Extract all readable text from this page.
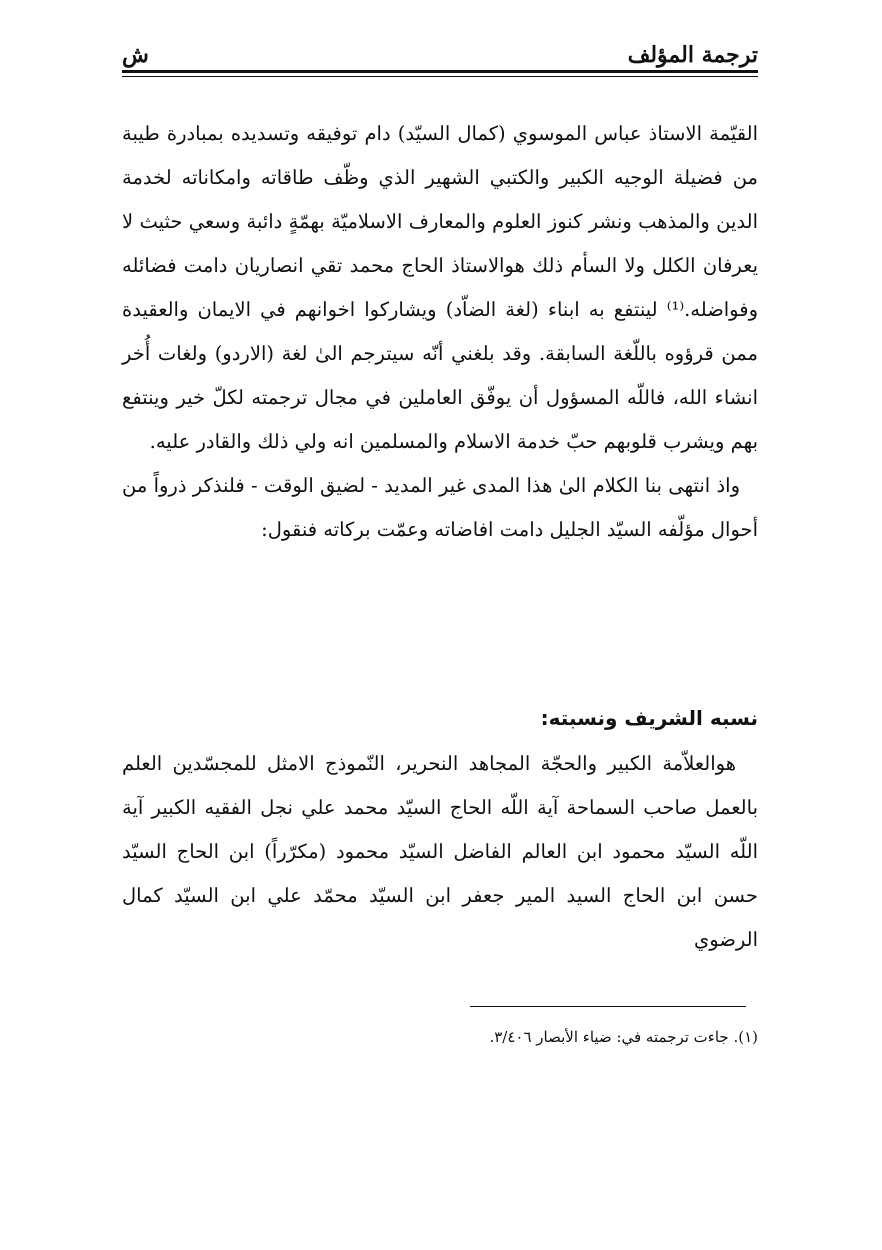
ترجمة المؤلف
ش

القيّمة الاستاذ عباس الموسوي (كمال السيّد) دام توفيقه وتسديده بمبادرة طيبة من فضيلة الوجيه الكبير والكتبي الشهير الذي وظّف طاقاته وامكاناته لخدمة الدين والمذهب ونشر كنوز العلوم والمعارف الاسلاميّة بهمّةٍ دائبة وسعي حثيث لا يعرفان الكلل ولا السأم ذلك هوالاستاذ الحاج محمد تقي انصاريان دامت فضائله وفواضله.⁽¹⁾ لينتفع به ابناء (لغة الضاّد) ويشاركوا اخوانهم في الايمان والعقيدة ممن قرؤوه باللّغة السابقة. وقد بلغني أنّه سيترجم الىٰ لغة (الاردو) ولغات أُخر انشاء الله، فاللّه المسؤول أن يوفّق العاملين في مجال ترجمته لكلّ خير وينتفع بهم ويشرب قلوبهم حبّ خدمة الاسلام والمسلمين انه ولي ذلك والقادر عليه.

واذ انتهى بنا الكلام الىٰ هذا المدى غير المديد - لضيق الوقت - فلنذكر ذرواً من أحوال مؤلّفه السيّد الجليل دامت افاضاته وعمّت بركاته فنقول:

نسبه الشريف ونسبته:
هوالعلاّمة الكبير والحجّة المجاهد النحرير، النّموذج الامثل للمجسّدين العلم بالعمل صاحب السماحة آية اللّه الحاج السيّد محمد علي نجل الفقيه الكبير آية اللّه السيّد محمود ابن العالم الفاضل السيّد محمود (مكرّراً) ابن الحاج السيّد حسن ابن الحاج السيد المير جعفر ابن السيّد محمّد علي ابن السيّد كمال الرضوي
(١). جاءت ترجمته في: ضياء الأبصار ٣/٤٠٦.
